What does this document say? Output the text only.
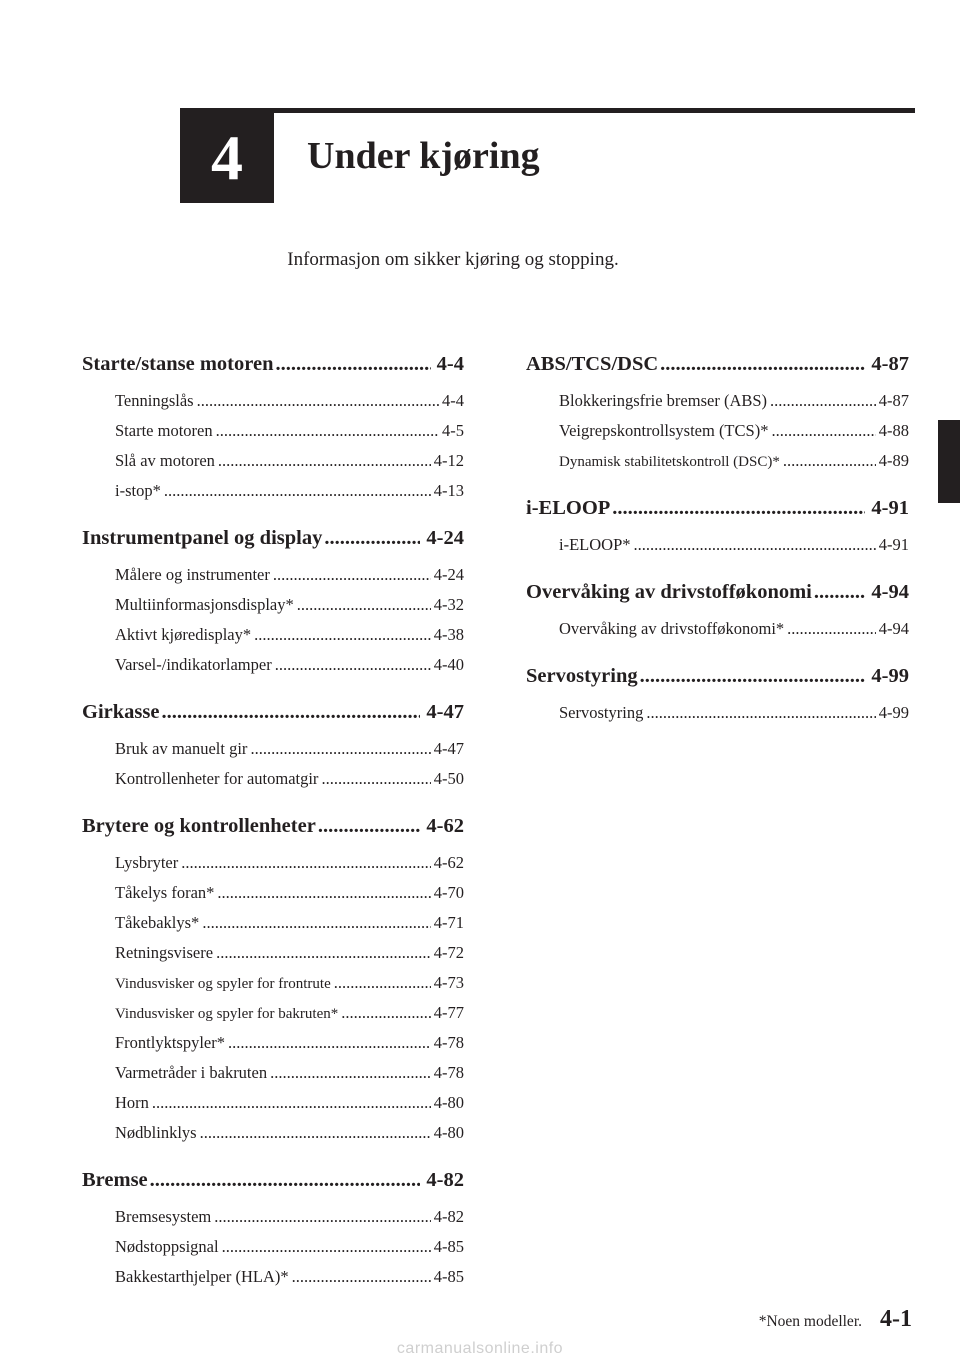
4 Under kjøring
Informasjon om sikker kjøring og stopping.
Starte/stanse motoren .....	4-4
Tenningslås .....	4-4
Starte motoren .....	4-5
Slå av motoren .....	4-12
i-stop* .....	4-13
Instrumentpanel og display .....	4-24
Målere og instrumenter .....	4-24
Multiinformasjonsdisplay* .....	4-32
Aktivt kjøredisplay* .....	4-38
Varsel-/indikatorlamper .....	4-40
Girkasse .....	4-47
Bruk av manuelt gir .....	4-47
Kontrollenheter for automatgir .....	4-50
Brytere og kontrollenheter .....	4-62
Lysbryter .....	4-62
Tåkelys foran* .....	4-70
Tåkebaklys* .....	4-71
Retningsvisere .....	4-72
Vindusvisker og spyler for frontrute .....	4-73
Vindusvisker og spyler for bakruten* .....	4-77
Frontlyktspyler* .....	4-78
Varmetråder i bakruten .....	4-78
Horn .....	4-80
Nødblinklys .....	4-80
Bremse .....	4-82
Bremsesystem .....	4-82
Nødstoppsignal .....	4-85
Bakkestarthjelper (HLA)* .....	4-85
ABS/TCS/DSC .....	4-87
Blokkeringsfrie bremser (ABS) .....	4-87
Veigrepskontrollsystem (TCS)* .....	4-88
Dynamisk stabilitetskontroll (DSC)* .....	4-89
i-ELOOP .....	4-91
i-ELOOP* .....	4-91
Overvåking av drivstofføkonomi .....	4-94
Overvåking av drivstofføkonomi* .....	4-94
Servostyring .....	4-99
Servostyring .....	4-99
*Noen modeller. 4-1
carmanualsonline.info
